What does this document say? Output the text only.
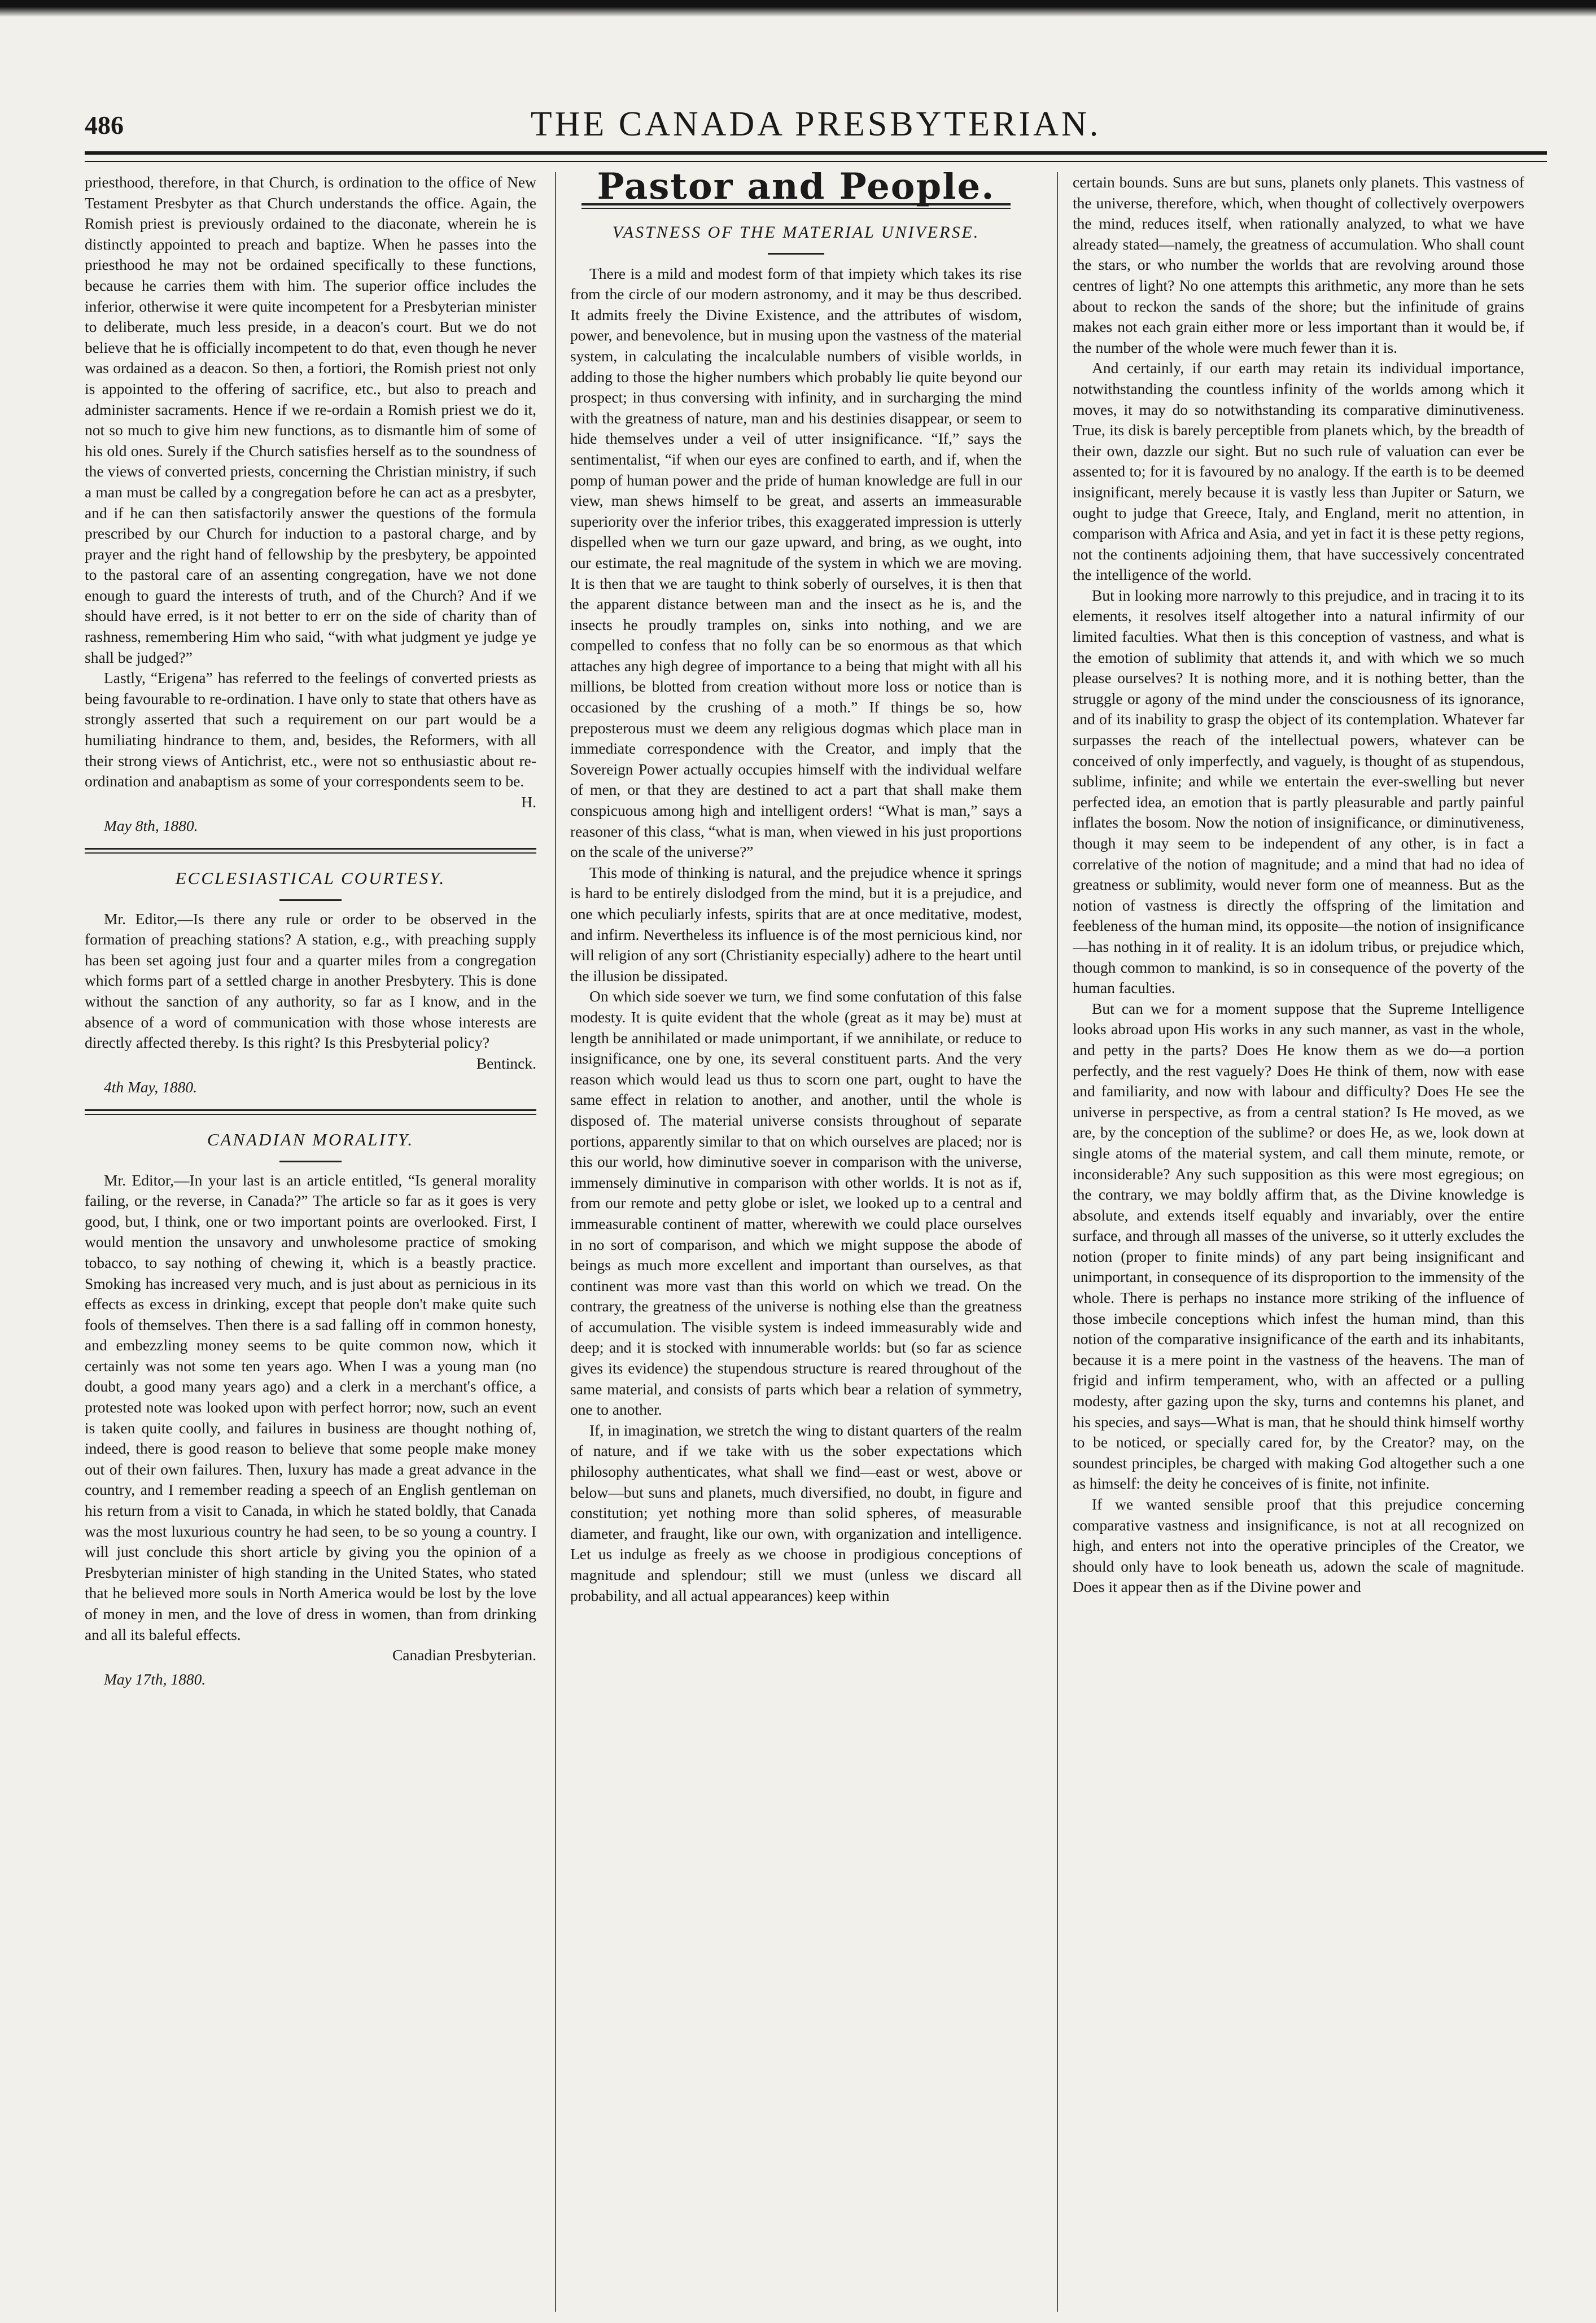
486	THE CANADA PRESBYTERIAN.

priesthood, therefore, in that Church, is ordination to the office of New Testament Presbyter as that Church understands the office. Again, the Romish priest is previously ordained to the diaconate, wherein he is distinctly appointed to preach and baptize. When he passes into the priesthood he may not be ordained specifically to these functions, because he carries them with him. The superior office includes the inferior, otherwise it were quite incompetent for a Presbyterian minister to deliberate, much less preside, in a deacon's court. But we do not believe that he is officially incompetent to do that, even though he never was ordained as a deacon. So then, a fortiori, the Romish priest not only is appointed to the offering of sacrifice, etc., but also to preach and administer sacraments. Hence if we re-ordain a Romish priest we do it, not so much to give him new functions, as to dismantle him of some of his old ones. Surely if the Church satisfies herself as to the soundness of the views of converted priests, concerning the Christian ministry, if such a man must be called by a congregation before he can act as a presbyter, and if he can then satisfactorily answer the questions of the formula prescribed by our Church for induction to a pastoral charge, and by prayer and the right hand of fellowship by the presbytery, be appointed to the pastoral care of an assenting congregation, have we not done enough to guard the interests of truth, and of the Church? And if we should have erred, is it not better to err on the side of charity than of rashness, remembering Him who said, “with what judgment ye judge ye shall be judged?”

Lastly, “Erigena” has referred to the feelings of converted priests as being favourable to re-ordination. I have only to state that others have as strongly asserted that such a requirement on our part would be a humiliating hindrance to them, and, besides, the Reformers, with all their strong views of Antichrist, etc., were not so enthusiastic about re-ordination and anabaptism as some of your correspondents seem to be.
H.

May 8th, 1880.
ECCLESIASTICAL COURTESY.

Mr. Editor,—Is there any rule or order to be observed in the formation of preaching stations? A station, e.g., with preaching supply has been set agoing just four and a quarter miles from a congregation which forms part of a settled charge in another Presbytery. This is done without the sanction of any authority, so far as I know, and in the absence of a word of communication with those whose interests are directly affected thereby. Is this right? Is this Presbyterial policy?
Bentinck.

4th May, 1880.
CANADIAN MORALITY.

Mr. Editor,—In your last is an article entitled, “Is general morality failing, or the reverse, in Canada?” The article so far as it goes is very good, but, I think, one or two important points are overlooked. First, I would mention the unsavory and unwholesome practice of smoking tobacco, to say nothing of chewing it, which is a beastly practice. Smoking has increased very much, and is just about as pernicious in its effects as excess in drinking, except that people don't make quite such fools of themselves. Then there is a sad falling off in common honesty, and embezzling money seems to be quite common now, which it certainly was not some ten years ago. When I was a young man (no doubt, a good many years ago) and a clerk in a merchant's office, a protested note was looked upon with perfect horror; now, such an event is taken quite coolly, and failures in business are thought nothing of, indeed, there is good reason to believe that some people make money out of their own failures. Then, luxury has made a great advance in the country, and I remember reading a speech of an English gentleman on his return from a visit to Canada, in which he stated boldly, that Canada was the most luxurious country he had seen, to be so young a country. I will just conclude this short article by giving you the opinion of a Presbyterian minister of high standing in the United States, who stated that he believed more souls in North America would be lost by the love of money in men, and the love of dress in women, than from drinking and all its baleful effects.

Canadian Presbyterian.
May 17th, 1880.
Pastor and People.
VASTNESS OF THE MATERIAL UNIVERSE.

There is a mild and modest form of that impiety which takes its rise from the circle of our modern astronomy, and it may be thus described. It admits freely the Divine Existence, and the attributes of wisdom, power, and benevolence, but in musing upon the vastness of the material system, in calculating the incalculable numbers of visible worlds, in adding to those the higher numbers which probably lie quite beyond our prospect; in thus conversing with infinity, and in surcharging the mind with the greatness of nature, man and his destinies disappear, or seem to hide themselves under a veil of utter insignificance. “If,” says the sentimentalist, “if when our eyes are confined to earth, and if, when the pomp of human power and the pride of human knowledge are full in our view, man shews himself to be great, and asserts an immeasurable superiority over the inferior tribes, this exaggerated impression is utterly dispelled when we turn our gaze upward, and bring, as we ought, into our estimate, the real magnitude of the system in which we are moving. It is then that we are taught to think soberly of ourselves, it is then that the apparent distance between man and the insect as he is, and the insects he proudly tramples on, sinks into nothing, and we are compelled to confess that no folly can be so enormous as that which attaches any high degree of importance to a being that might with all his millions, be blotted from creation without more loss or notice than is occasioned by the crushing of a moth.” If things be so, how preposterous must we deem any religious dogmas which place man in immediate correspondence with the Creator, and imply that the Sovereign Power actually occupies himself with the individual welfare of men, or that they are destined to act a part that shall make them conspicuous among high and intelligent orders! “What is man,” says a reasoner of this class, “what is man, when viewed in his just proportions on the scale of the universe?”

This mode of thinking is natural, and the prejudice whence it springs is hard to be entirely dislodged from the mind, but it is a prejudice, and one which peculiarly infests, spirits that are at once meditative, modest, and infirm. Nevertheless its influence is of the most pernicious kind, nor will religion of any sort (Christianity especially) adhere to the heart until the illusion be dissipated.

On which side soever we turn, we find some confutation of this false modesty. It is quite evident that the whole (great as it may be) must at length be annihilated or made unimportant, if we annihilate, or reduce to insignificance, one by one, its several constituent parts. And the very reason which would lead us thus to scorn one part, ought to have the same effect in relation to another, and another, until the whole is disposed of. The material universe consists throughout of separate portions, apparently similar to that on which ourselves are placed; nor is this our world, how diminutive soever in comparison with the universe, immensely diminutive in comparison with other worlds. It is not as if, from our remote and petty globe or islet, we looked up to a central and immeasurable continent of matter, wherewith we could place ourselves in no sort of comparison, and which we might suppose the abode of beings as much more excellent and important than ourselves, as that continent was more vast than this world on which we tread. On the contrary, the greatness of the universe is nothing else than the greatness of accumulation. The visible system is indeed immeasurably wide and deep; and it is stocked with innumerable worlds: but (so far as science gives its evidence) the stupendous structure is reared throughout of the same material, and consists of parts which bear a relation of symmetry, one to another.

If, in imagination, we stretch the wing to distant quarters of the realm of nature, and if we take with us the sober expectations which philosophy authenticates, what shall we find—east or west, above or below—but suns and planets, much diversified, no doubt, in figure and constitution; yet nothing more than solid spheres, of measurable diameter, and fraught, like our own, with organization and intelligence. Let us indulge as freely as we choose in prodigious conceptions of magnitude and splendour; still we must (unless we discard all probability, and all actual appearances) keep within

certain bounds. Suns are but suns, planets only planets. This vastness of the universe, therefore, which, when thought of collectively overpowers the mind, reduces itself, when rationally analyzed, to what we have already stated—namely, the greatness of accumulation. Who shall count the stars, or who number the worlds that are revolving around those centres of light? No one attempts this arithmetic, any more than he sets about to reckon the sands of the shore; but the infinitude of grains makes not each grain either more or less important than it would be, if the number of the whole were much fewer than it is.

And certainly, if our earth may retain its individual importance, notwithstanding the countless infinity of the worlds among which it moves, it may do so notwithstanding its comparative diminutiveness. True, its disk is barely perceptible from planets which, by the breadth of their own, dazzle our sight. But no such rule of valuation can ever be assented to; for it is favoured by no analogy. If the earth is to be deemed insignificant, merely because it is vastly less than Jupiter or Saturn, we ought to judge that Greece, Italy, and England, merit no attention, in comparison with Africa and Asia, and yet in fact it is these petty regions, not the continents adjoining them, that have successively concentrated the intelligence of the world.

But in looking more narrowly to this prejudice, and in tracing it to its elements, it resolves itself altogether into a natural infirmity of our limited faculties. What then is this conception of vastness, and what is the emotion of sublimity that attends it, and with which we so much please ourselves? It is nothing more, and it is nothing better, than the struggle or agony of the mind under the consciousness of its ignorance, and of its inability to grasp the object of its contemplation. Whatever far surpasses the reach of the intellectual powers, whatever can be conceived of only imperfectly, and vaguely, is thought of as stupendous, sublime, infinite; and while we entertain the ever-swelling but never perfected idea, an emotion that is partly pleasurable and partly painful inflates the bosom. Now the notion of insignificance, or diminutiveness, though it may seem to be independent of any other, is in fact a correlative of the notion of magnitude; and a mind that had no idea of greatness or sublimity, would never form one of meanness. But as the notion of vastness is directly the offspring of the limitation and feebleness of the human mind, its opposite—the notion of insignificance—has nothing in it of reality. It is an idolum tribus, or prejudice which, though common to mankind, is so in consequence of the poverty of the human faculties.

But can we for a moment suppose that the Supreme Intelligence looks abroad upon His works in any such manner, as vast in the whole, and petty in the parts? Does He know them as we do—a portion perfectly, and the rest vaguely? Does He think of them, now with ease and familiarity, and now with labour and difficulty? Does He see the universe in perspective, as from a central station? Is He moved, as we are, by the conception of the sublime? or does He, as we, look down at single atoms of the material system, and call them minute, remote, or inconsiderable? Any such supposition as this were most egregious; on the contrary, we may boldly affirm that, as the Divine knowledge is absolute, and extends itself equably and invariably, over the entire surface, and through all masses of the universe, so it utterly excludes the notion (proper to finite minds) of any part being insignificant and unimportant, in consequence of its disproportion to the immensity of the whole. There is perhaps no instance more striking of the influence of those imbecile conceptions which infest the human mind, than this notion of the comparative insignificance of the earth and its inhabitants, because it is a mere point in the vastness of the heavens. The man of frigid and infirm temperament, who, with an affected or a pulling modesty, after gazing upon the sky, turns and contemns his planet, and his species, and says—What is man, that he should think himself worthy to be noticed, or specially cared for, by the Creator? may, on the soundest principles, be charged with making God altogether such a one as himself: the deity he conceives of is finite, not infinite.

If we wanted sensible proof that this prejudice concerning comparative vastness and insignificance, is not at all recognized on high, and enters not into the operative principles of the Creator, we should only have to look beneath us, adown the scale of magnitude. Does it appear then as if the Divine power and
